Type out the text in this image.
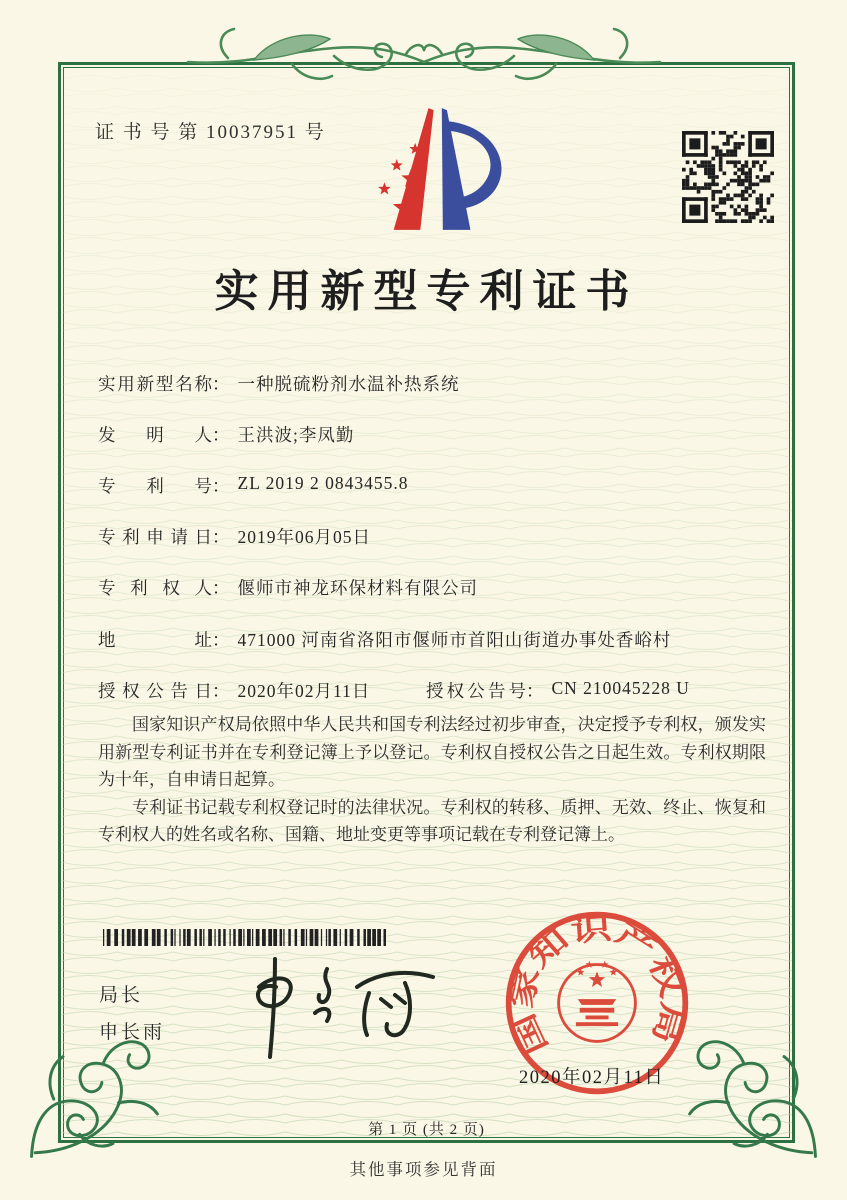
证 书 号 第 10037951 号
实用新型专利证书
实用新型名称： 一种脱硫粉剂水温补热系统
发明人： 王洪波;李凤勤
专利号： ZL 2019 2 0843455.8
专利申请日： 2019年06月05日
专利权人： 偃师市神龙环保材料有限公司
地址： 471000 河南省洛阳市偃师市首阳山街道办事处香峪村
授权公告日： 2020年02月11日	授权公告号： CN 210045228 U

国家知识产权局依照中华人民共和国专利法经过初步审查，决定授予专利权，颁发实用新型专利证书并在专利登记簿上予以登记。专利权自授权公告之日起生效。专利权期限为十年，自申请日起算。

专利证书记载专利权登记时的法律状况。专利权的转移、质押、无效、终止、恢复和专利权人的姓名或名称、国籍、地址变更等事项记载在专利登记簿上。

局长
申长雨	国家知识产权局
2020年02月11日
第 1 页 (共 2 页)
其他事项参见背面
